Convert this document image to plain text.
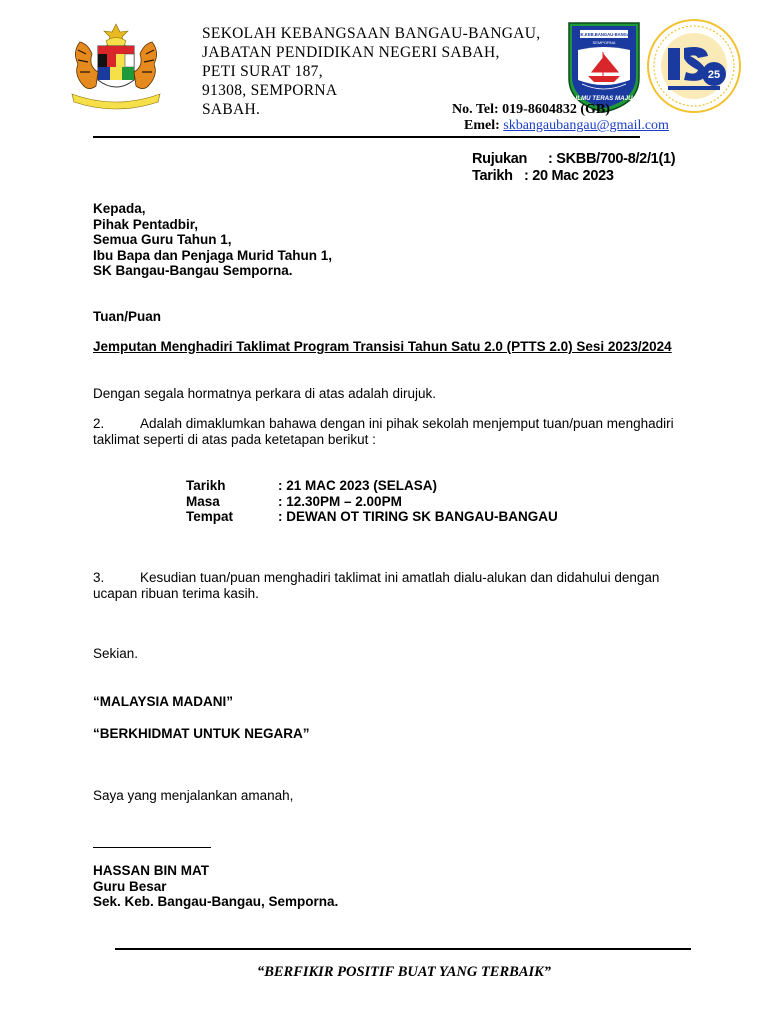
SEKOLAH KEBANGSAAN BANGAU-BANGAU,
JABATAN PENDIDIKAN NEGERI SABAH,
PETI SURAT 187,
91308, SEMPORNA
SABAH.
SEK.KEB.BANGAU-BANGAU
SEMPORNA
ILMU TERAS MAJU
25
No. Tel: 019-8604832 (GB)
Emel: skbangaubangau@gmail.com
Rujukan : SKBB/700-8/2/1(1)
Tarikh : 20 Mac 2023
Kepada,
Pihak Pentadbir,
Semua Guru Tahun 1,
Ibu Bapa dan Penjaga Murid Tahun 1,
SK Bangau-Bangau Semporna.
Tuan/Puan
Jemputan Menghadiri Taklimat Program Transisi Tahun Satu 2.0 (PTTS 2.0) Sesi 2023/2024
Dengan segala hormatnya perkara di atas adalah dirujuk.
2.	Adalah dimaklumkan bahawa dengan ini pihak sekolah menjemput tuan/puan menghadiri
taklimat seperti di atas pada ketetapan berikut :
Tarikh	: 21 MAC 2023 (SELASA)
Masa	: 12.30PM – 2.00PM
Tempat	: DEWAN OT TIRING SK BANGAU-BANGAU
3.	Kesudian tuan/puan menghadiri taklimat ini amatlah dialu-alukan dan didahului dengan
ucapan ribuan terima kasih.
Sekian.
“MALAYSIA MADANI”
“BERKHIDMAT UNTUK NEGARA”
Saya yang menjalankan amanah,
HASSAN BIN MAT
Guru Besar
Sek. Keb. Bangau-Bangau, Semporna.
“BERFIKIR POSITIF BUAT YANG TERBAIK”
